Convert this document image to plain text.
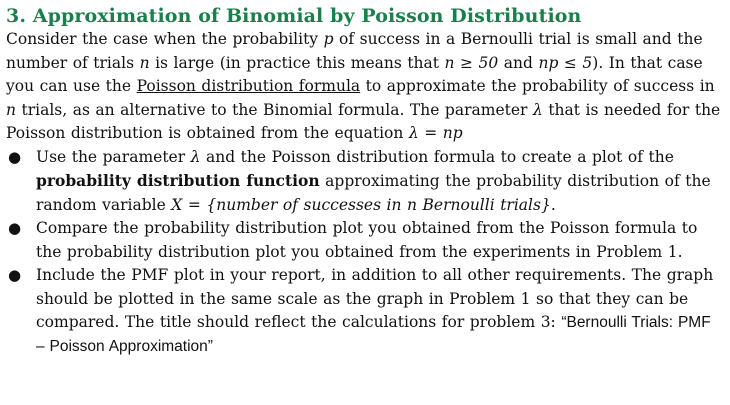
3. Approximation of Binomial by Poisson Distribution

Consider the case when the probability p of success in a Bernoulli trial is small and the number of trials n is large (in practice this means that n ≥ 50 and np ≤ 5). In that case you can use the Poisson distribution formula to approximate the probability of success in n trials, as an alternative to the Binomial formula. The parameter λ that is needed for the Poisson distribution is obtained from the equation λ = np

● Use the parameter λ and the Poisson distribution formula to create a plot of the probability distribution function approximating the probability distribution of the random variable X = {number of successes in n Bernoulli trials}.
● Compare the probability distribution plot you obtained from the Poisson formula to the probability distribution plot you obtained from the experiments in Problem 1.
● Include the PMF plot in your report, in addition to all other requirements. The graph should be plotted in the same scale as the graph in Problem 1 so that they can be compared. The title should reflect the calculations for problem 3: “Bernoulli Trials: PMF – Poisson Approximation”
